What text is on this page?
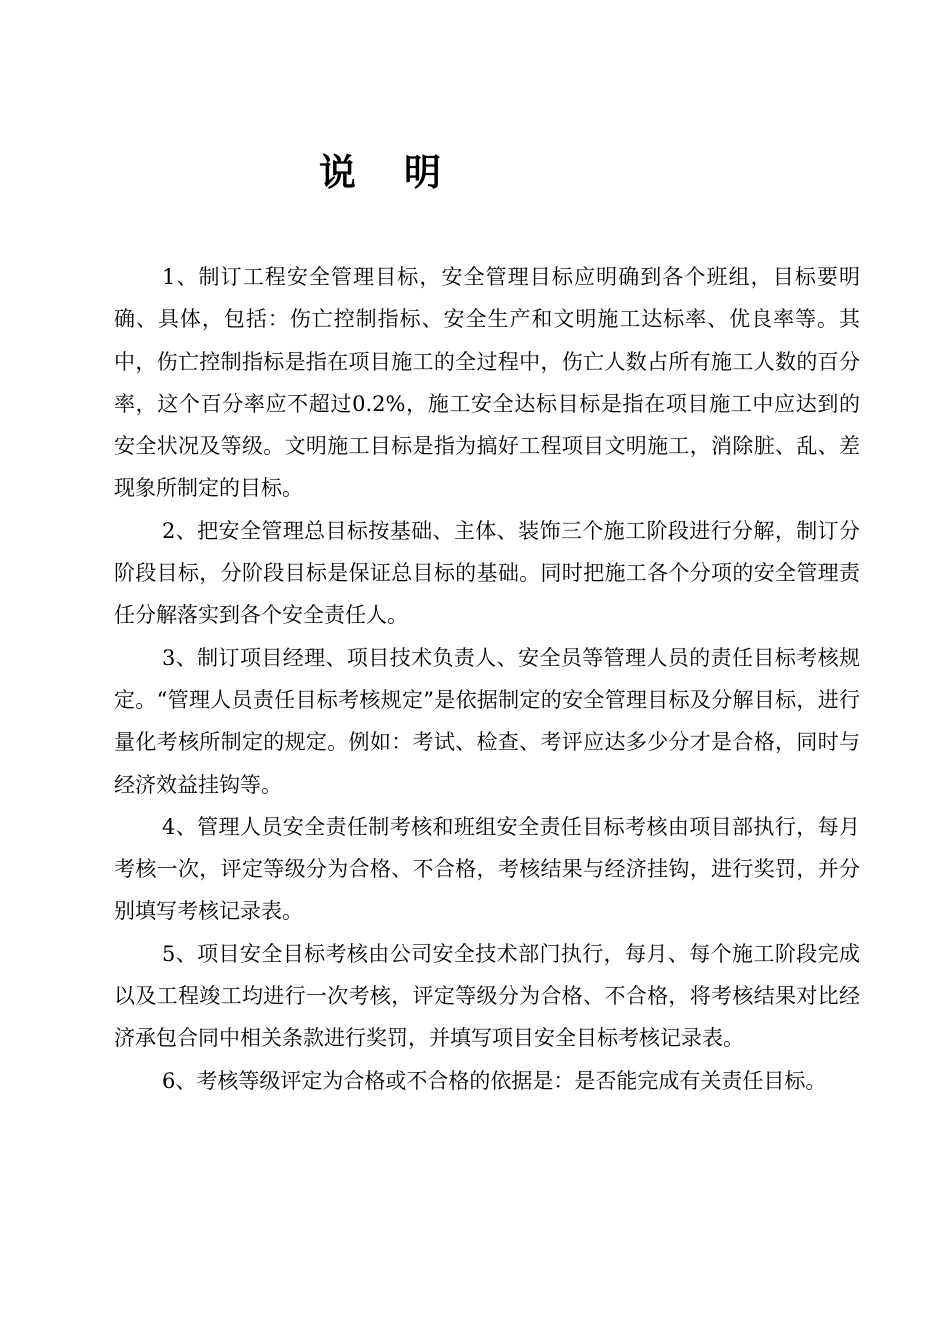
说明

1、制订工程安全管理目标，安全管理目标应明确到各个班组，目标要明确、具体，包括：伤亡控制指标、安全生产和文明施工达标率、优良率等。其中，伤亡控制指标是指在项目施工的全过程中，伤亡人数占所有施工人数的百分率，这个百分率应不超过0.2%，施工安全达标目标是指在项目施工中应达到的安全状况及等级。文明施工目标是指为搞好工程项目文明施工，消除脏、乱、差现象所制定的目标。

2、把安全管理总目标按基础、主体、装饰三个施工阶段进行分解，制订分阶段目标，分阶段目标是保证总目标的基础。同时把施工各个分项的安全管理责任分解落实到各个安全责任人。

3、制订项目经理、项目技术负责人、安全员等管理人员的责任目标考核规定。“管理人员责任目标考核规定”是依据制定的安全管理目标及分解目标，进行量化考核所制定的规定。例如：考试、检查、考评应达多少分才是合格，同时与经济效益挂钩等。

4、管理人员安全责任制考核和班组安全责任目标考核由项目部执行，每月考核一次，评定等级分为合格、不合格，考核结果与经济挂钩，进行奖罚，并分别填写考核记录表。

5、项目安全目标考核由公司安全技术部门执行，每月、每个施工阶段完成以及工程竣工均进行一次考核，评定等级分为合格、不合格，将考核结果对比经济承包合同中相关条款进行奖罚，并填写项目安全目标考核记录表。

6、考核等级评定为合格或不合格的依据是：是否能完成有关责任目标。
